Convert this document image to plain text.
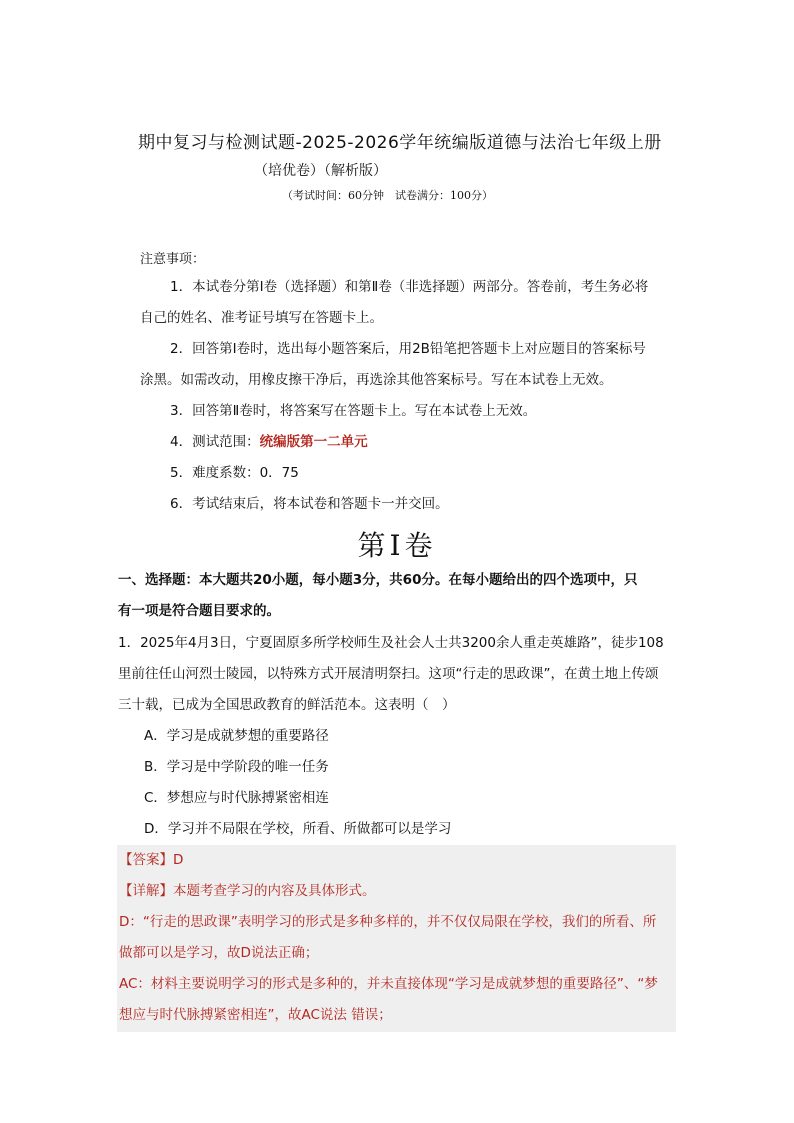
期中复习与检测试题-2025-2026学年统编版道德与法治七年级上册
（培优卷）（解析版）
（考试时间：60分钟　试卷满分：100分）
注意事项：
1．本试卷分第Ⅰ卷（选择题）和第Ⅱ卷（非选择题）两部分。答卷前，考生务必将
自己的姓名、准考证号填写在答题卡上。
2．回答第Ⅰ卷时，选出每小题答案后，用2B铅笔把答题卡上对应题目的答案标号
涂黑。如需改动，用橡皮擦干净后，再选涂其他答案标号。写在本试卷上无效。
3．回答第Ⅱ卷时，将答案写在答题卡上。写在本试卷上无效。
4．测试范围：统编版第一二单元
5．难度系数：0．75
6．考试结束后，将本试卷和答题卡一并交回。
第Ⅰ卷
一、选择题：本大题共20小题，每小题3分，共60分。在每小题给出的四个选项中，只
有一项是符合题目要求的。
1．2025年4月3日，宁夏固原多所学校师生及社会人士共3200余人重走英雄路”，徒步108
里前往任山河烈士陵园，以特殊方式开展清明祭扫。这项“行走的思政课”，在黄土地上传颂
三十载，已成为全国思政教育的鲜活范本。这表明（　）
A．学习是成就梦想的重要路径
B．学习是中学阶段的唯一任务
C．梦想应与时代脉搏紧密相连
D．学习并不局限在学校，所看、所做都可以是学习
【答案】D
【详解】本题考查学习的内容及具体形式。
D：“行走的思政课”表明学习的形式是多种多样的，并不仅仅局限在学校，我们的所看、所
做都可以是学习，故D说法正确；
AC：材料主要说明学习的形式是多种的，并未直接体现“学习是成就梦想的重要路径”、“梦
想应与时代脉搏紧密相连”，故AC说法 错误；
